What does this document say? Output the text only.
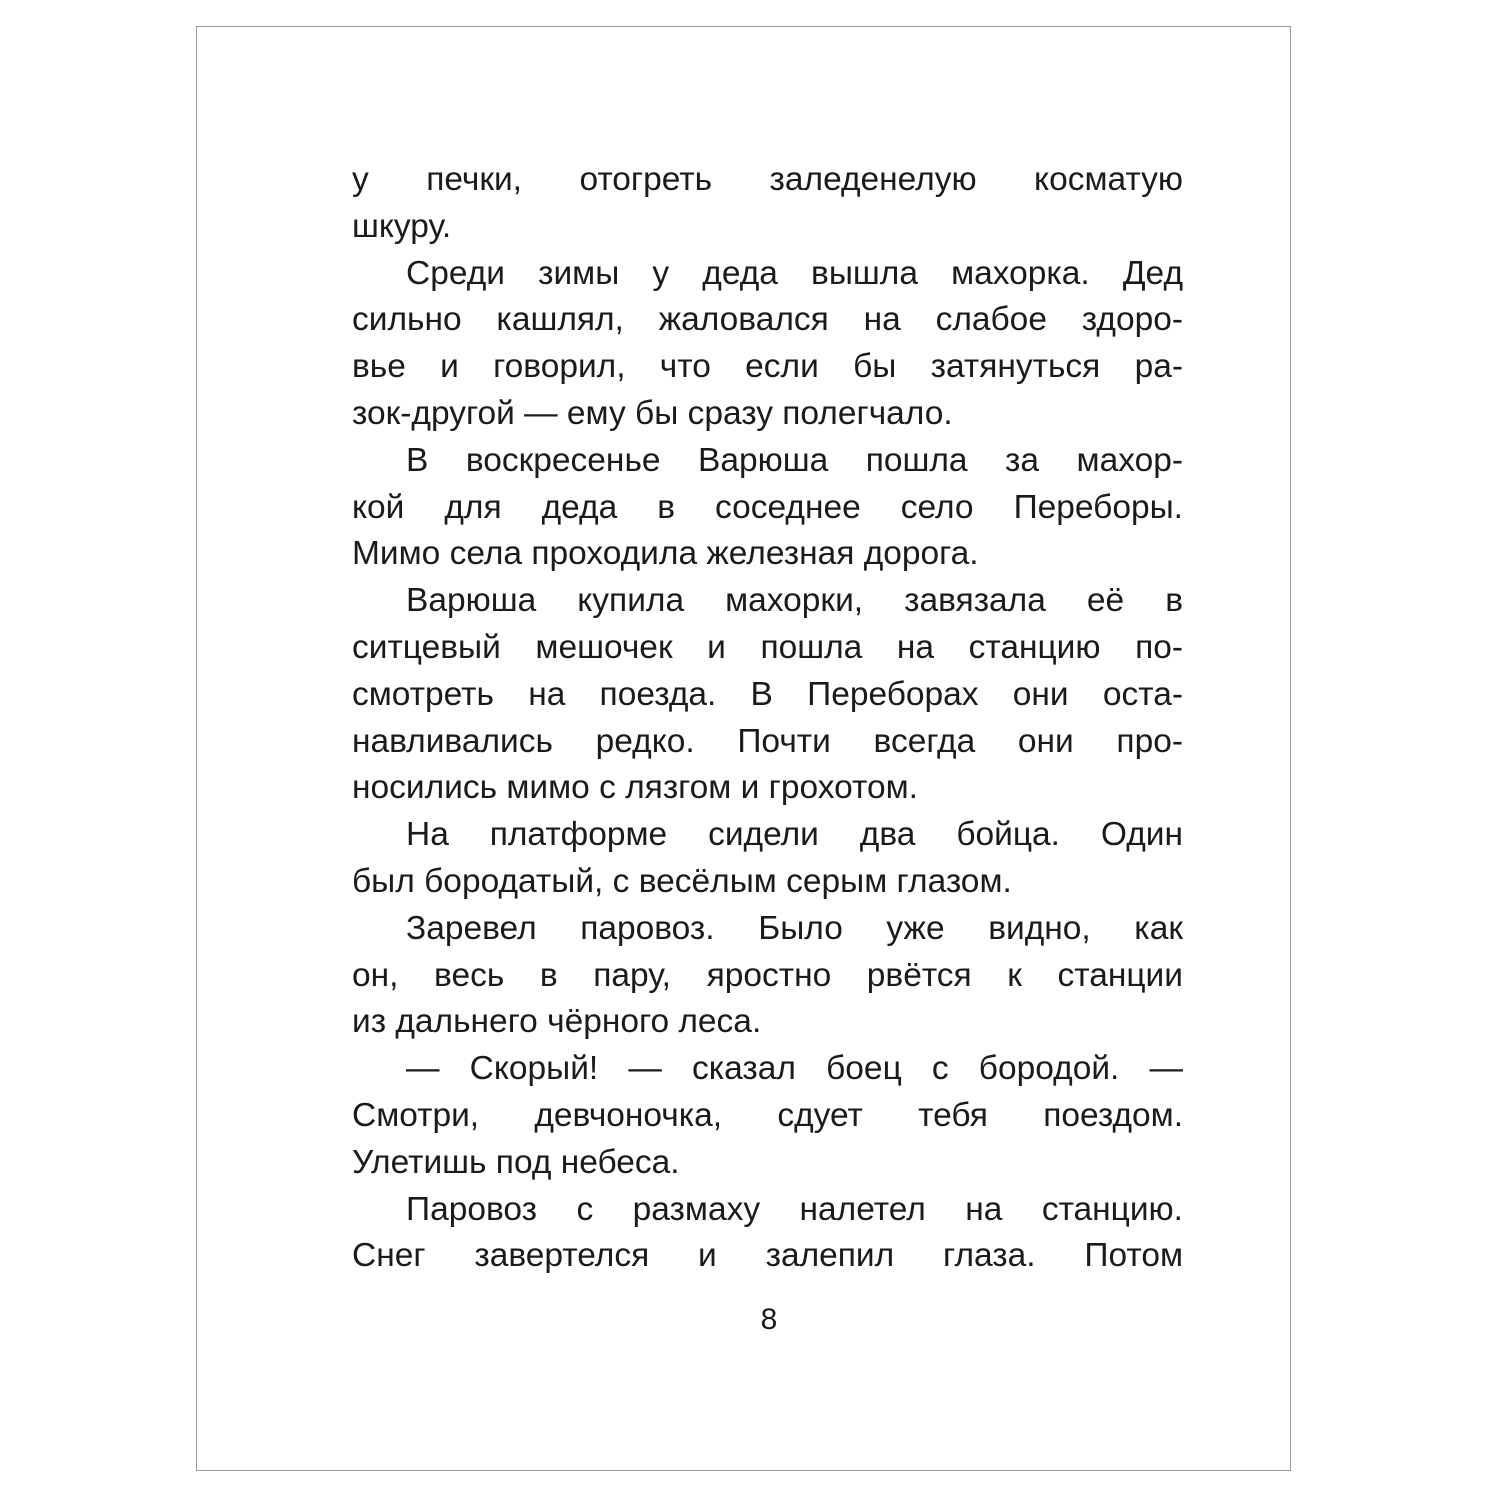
у печки, отогреть заледенелую косматую
шкуру.
Среди зимы у деда вышла махорка. Дед
сильно кашлял, жаловался на слабое здоро-
вье и говорил, что если бы затянуться ра-
зок-другой — ему бы сразу полегчало.
В воскресенье Варюша пошла за махор-
кой для деда в соседнее село Переборы.
Мимо села проходила железная дорога.
Варюша купила махорки, завязала её в
ситцевый мешочек и пошла на станцию по-
смотреть на поезда. В Переборах они оста-
навливались редко. Почти всегда они про-
носились мимо с лязгом и грохотом.
На платформе сидели два бойца. Один
был бородатый, с весёлым серым глазом.
Заревел паровоз. Было уже видно, как
он, весь в пару, яростно рвётся к станции
из дальнего чёрного леса.
— Скорый! — сказал боец с бородой. —
Смотри, девчоночка, сдует тебя поездом.
Улетишь под небеса.
Паровоз с размаху налетел на станцию.
Снег завертелся и залепил глаза. Потом
8
